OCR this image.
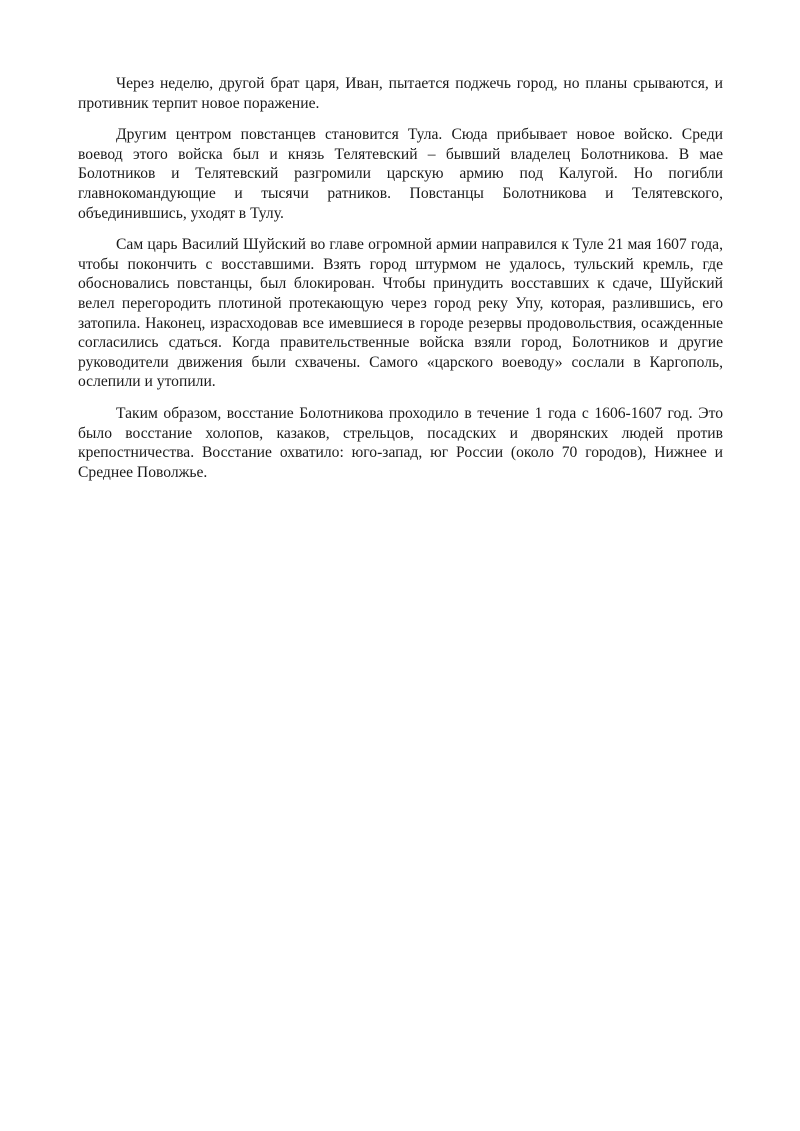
Через неделю, другой брат царя, Иван, пытается поджечь город, но планы срываются, и противник терпит новое поражение.

Другим центром повстанцев становится Тула. Сюда прибывает новое войско. Среди воевод этого войска был и князь Телятевский – бывший владелец Болотникова. В мае Болотников и Телятевский разгромили царскую армию под Калугой. Но погибли главнокомандующие и тысячи ратников. Повстанцы Болотникова и Телятевского, объединившись, уходят в Тулу.

Сам царь Василий Шуйский во главе огромной армии направился к Туле 21 мая 1607 года, чтобы покончить с восставшими. Взять город штурмом не удалось, тульский кремль, где обосновались повстанцы, был блокирован. Чтобы принудить восставших к сдаче, Шуйский велел перегородить плотиной протекающую через город реку Упу, которая, разлившись, его затопила. Наконец, израсходовав все имевшиеся в городе резервы продовольствия, осажденные согласились сдаться. Когда правительственные войска взяли город, Болотников и другие руководители движения были схвачены. Самого «царского воеводу» сослали в Каргополь, ослепили и утопили.

Таким образом, восстание Болотникова проходило в течение 1 года с 1606-1607 год. Это было восстание холопов, казаков, стрельцов, посадских и дворянских людей против крепостничества. Восстание охватило: юго-запад, юг России (около 70 городов), Нижнее и Среднее Поволжье.
